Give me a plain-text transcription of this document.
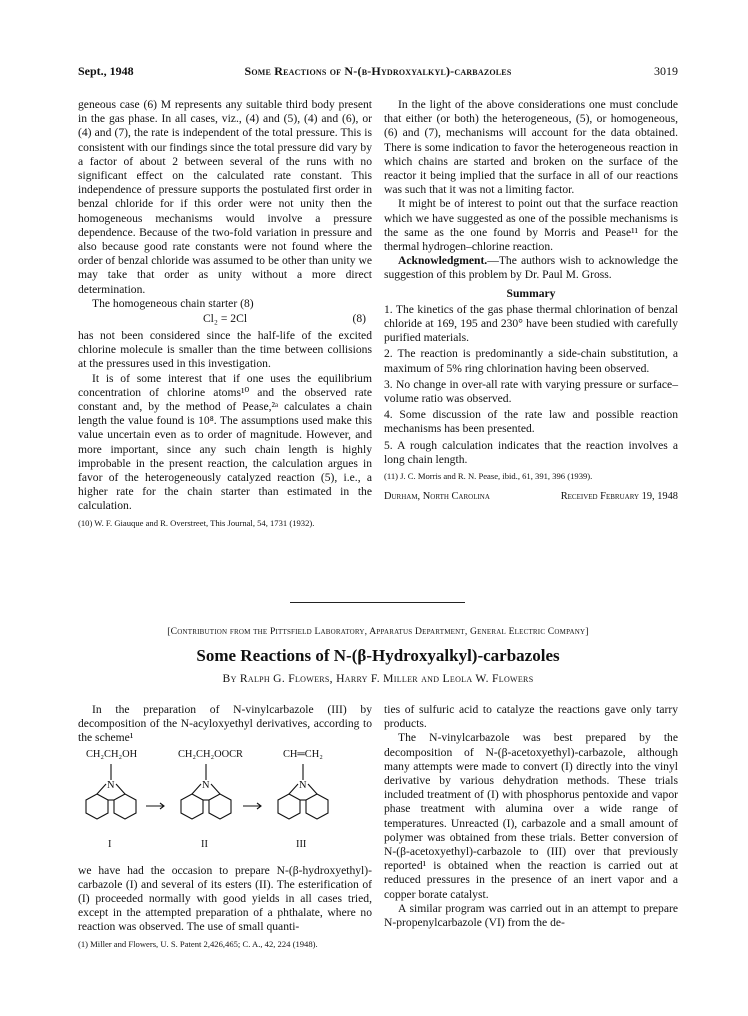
Sept., 1948	Some Reactions of N-(β-Hydroxyalkyl)-carbazoles	3019

geneous case (6) M represents any suitable third body present in the gas phase. In all cases, viz., (4) and (5), (4) and (6), or (4) and (7), the rate is independent of the total pressure. This is consistent with our findings since the total pressure did vary by a factor of about 2 between several of the runs with no significant effect on the calculated rate constant. This independence of pressure supports the postulated first order in benzal chloride for if this order were not unity then the homogeneous mechanisms would involve a pressure dependence. Because of the two-fold variation in pressure and also because good rate constants were not found where the order of benzal chloride was assumed to be other than unity we may take that order as unity without a more direct determination.

The homogeneous chain starter (8)

Cl₂ = 2Cl	(8)

has not been considered since the half-life of the excited chlorine molecule is smaller than the time between collisions at the pressures used in this investigation.

It is of some interest that if one uses the equilibrium concentration of chlorine atoms¹⁰ and the observed rate constant and, by the method of Pease,²ᵃ calculates a chain length the value found is 10⁸. The assumptions used make this value uncertain even as to order of magnitude. However, and more important, since any such chain length is highly improbable in the present reaction, the calculation argues in favor of the heterogeneously catalyzed reaction (5), i.e., a higher rate for the chain starter than estimated in the calculation.

(10) W. F. Giauque and R. Overstreet, This Journal, 54, 1731 (1932).

In the light of the above considerations one must conclude that either (or both) the heterogeneous, (5), or homogeneous, (6) and (7), mechanisms will account for the data obtained. There is some indication to favor the heterogeneous reaction in which chains are started and broken on the surface of the reactor it being implied that the surface in all of our reactions was such that it was not a limiting factor.

It might be of interest to point out that the surface reaction which we have suggested as one of the possible mechanisms is the same as the one found by Morris and Pease¹¹ for the thermal hydrogen–chlorine reaction.

Acknowledgment.—The authors wish to acknowledge the suggestion of this problem by Dr. Paul M. Gross.

Summary

1. The kinetics of the gas phase thermal chlorination of benzal chloride at 169, 195 and 230° have been studied with carefully purified materials.

2. The reaction is predominantly a side-chain substitution, a maximum of 5% ring chlorination having been observed.

3. No change in over-all rate with varying pressure or surface–volume ratio was observed.

4. Some discussion of the rate law and possible reaction mechanisms has been presented.

5. A rough calculation indicates that the reaction involves a long chain length.

(11) J. C. Morris and R. N. Pease, ibid., 61, 391, 396 (1939).

Durham, North Carolina	Received February 19, 1948
[Contribution from the Pittsfield Laboratory, Apparatus Department, General Electric Company]
Some Reactions of N-(β-Hydroxyalkyl)-carbazoles
By Ralph G. Flowers, Harry F. Miller and Leola W. Flowers

In the preparation of N-vinylcarbazole (III) by decomposition of the N-acyloxyethyl derivatives, according to the scheme¹

CH₂CH₂OH	CH₂CH₂OOCR	CH═CH₂
N	N	N
I	II	III

we have had the occasion to prepare N-(β-hydroxyethyl)-carbazole (I) and several of its esters (II). The esterification of (I) proceeded normally with good yields in all cases tried, except in the attempted preparation of a phthalate, where no reaction was observed. The use of small quanti-

(1) Miller and Flowers, U. S. Patent 2,426,465; C. A., 42, 224 (1948).

ties of sulfuric acid to catalyze the reactions gave only tarry products.

The N-vinylcarbazole was best prepared by the decomposition of N-(β-acetoxyethyl)-carbazole, although many attempts were made to convert (I) directly into the vinyl derivative by various dehydration methods. These trials included treatment of (I) with phosphorus pentoxide and vapor phase treatment with alumina over a wide range of temperatures. Unreacted (I), carbazole and a small amount of polymer was obtained from these trials. Better conversion of N-(β-acetoxyethyl)-carbazole to (III) over that previously reported¹ is obtained when the reaction is carried out at reduced pressures in the presence of an inert vapor and a copper borate catalyst.

A similar program was carried out in an attempt to prepare N-propenylcarbazole (VI) from the de-
